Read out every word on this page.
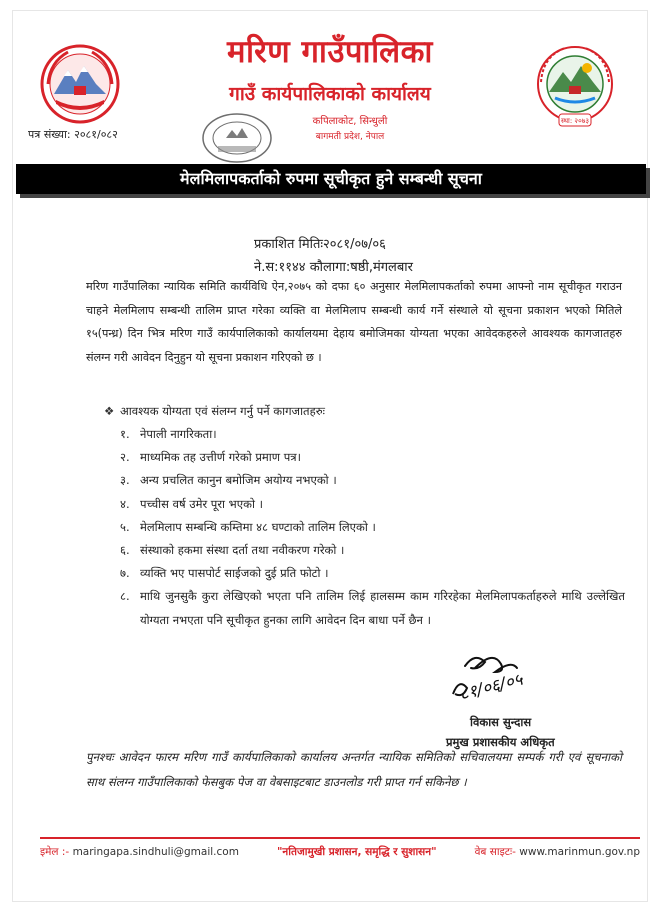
मरिण गाउँपालिका
गाउँ कार्यपालिकाको कार्यालय
कपिलाकोट, सिन्धुली
बागमती प्रदेश, नेपाल
पत्र संख्या: २०८१/०८२
स्था: २०७३
मेलमिलापकर्ताको रुपमा सूचीकृत हुने सम्बन्धी सूचना
प्रकाशित मितिः२०८१/०७/०६
ने.स:११४४ कौलागा:षष्ठी,मंगलबार

मरिण गाउँपालिका न्यायिक समिति कार्यविधि ऐन,२०७५ को दफा ६० अनुसार मेलमिलापकर्ताको रुपमा आफ्नो नाम सूचीकृत गराउन चाहने मेलमिलाप सम्बन्धी तालिम प्राप्त गरेका व्यक्ति वा मेलमिलाप सम्बन्धी कार्य गर्ने संस्थाले यो सूचना प्रकाशन भएको मितिले १५(पन्ध्र) दिन भित्र मरिण गाउँ कार्यपालिकाको कार्यालयमा देहाय बमोजिमका योग्यता भएका आवेदकहरुले आवश्यक कागजातहरु संलग्न गरी आवेदन दिनुहुन यो सूचना प्रकाशन गरिएको छ ।

❖ आवश्यक योग्यता एवं संलग्न गर्नु पर्ने कागजातहरुः
१. नेपाली नागरिकता।
२. माध्यमिक तह उत्तीर्ण गरेको प्रमाण पत्र।
३. अन्य प्रचलित कानुन बमोजिम अयोग्य नभएको ।
४. पच्चीस वर्ष उमेर पूरा भएको ।
५. मेलमिलाप सम्बन्धि कम्तिमा ४८ घण्टाको तालिम लिएको ।
६. संस्थाको हकमा संस्था दर्ता तथा नवीकरण गरेको ।
७. व्यक्ति भए पासपोर्ट साईजको दुई प्रति फोटो ।
८. माथि जुनसुकै कुरा लेखिएको भएता पनि तालिम लिई हालसम्म काम गरिरहेका मेलमिलापकर्ताहरुले माथि उल्लेखित योग्यता नभएता पनि सूचीकृत हुनका लागि आवेदन दिन बाधा पर्ने छैन ।
८१/०६/०५
विकास सुन्दास
प्रमुख प्रशासकीय अधिकृत

पुनश्चः आवेदन फारम मरिण गाउँ कार्यपालिकाको कार्यालय अन्तर्गत न्यायिक समितिको सचिवालयमा सम्पर्क गरी एवं सूचनाको साथ संलग्न गाउँपालिकाको फेसबुक पेज वा वेबसाइटबाट डाउनलोड गरी प्राप्त गर्न सकिनेछ ।

इमेल :- maringapa.sindhuli@gmail.com	"नतिजामुखी प्रशासन, समृद्धि र सुशासन"	वेब साइटः- www.marinmun.gov.np
